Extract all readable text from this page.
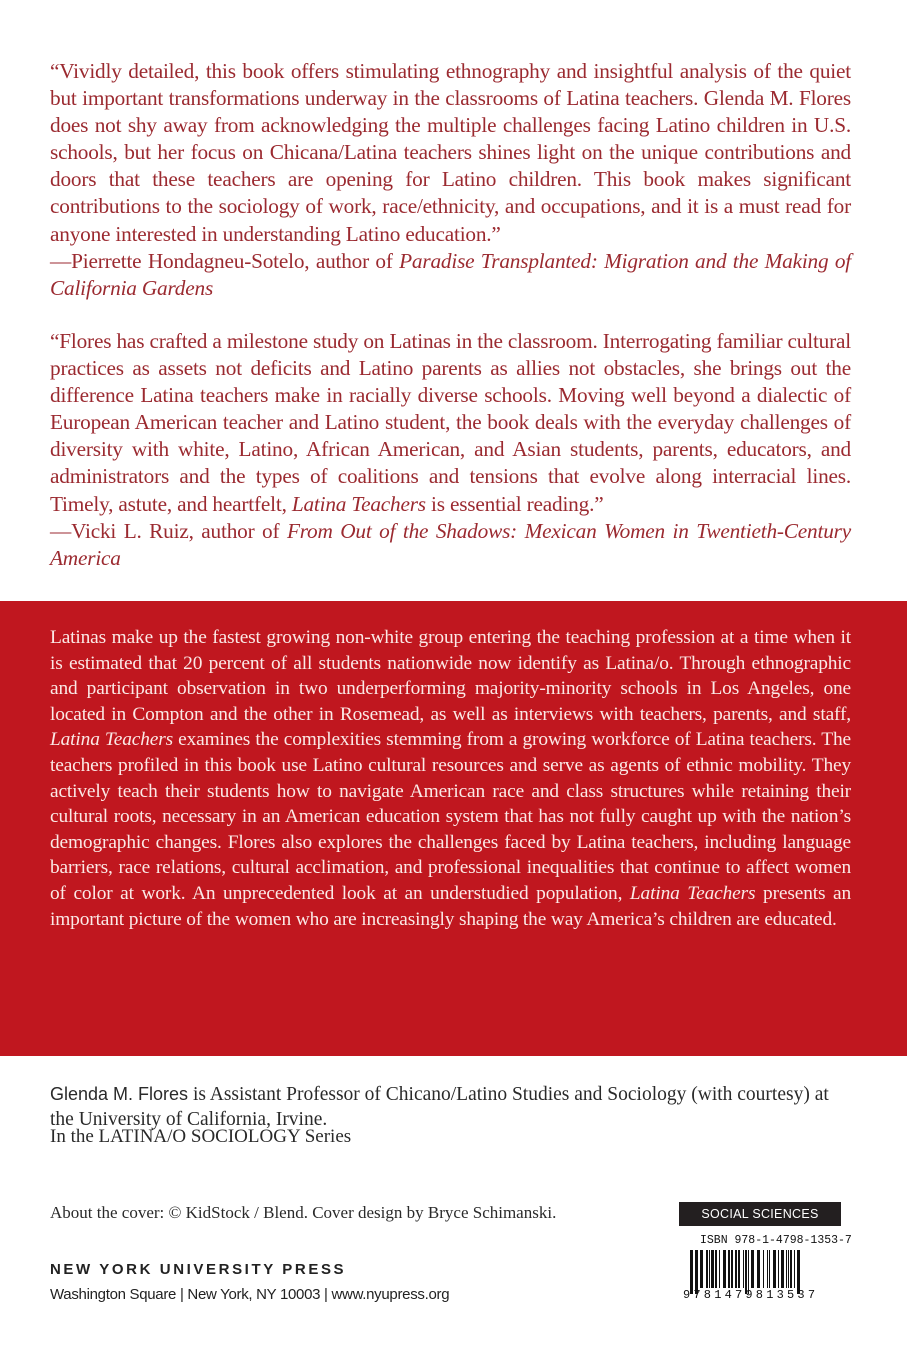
“Vividly detailed, this book offers stimulating ethnography and insightful analysis of the quiet but important transformations underway in the classrooms of Latina teachers. Glenda M. Flores does not shy away from acknowledging the multiple challenges facing Latino children in U.S. schools, but her focus on Chicana/Latina teachers shines light on the unique contributions and doors that these teachers are opening for Latino children. This book makes significant contributions to the sociology of work, race/ethnicity, and occupations, and it is a must read for anyone interested in understanding Latino education.”
—Pierrette Hondagneu-Sotelo, author of Paradise Transplanted: Migration and the Making of California Gardens
“Flores has crafted a milestone study on Latinas in the classroom. Interrogating familiar cultural practices as assets not deficits and Latino parents as allies not obstacles, she brings out the difference Latina teachers make in racially diverse schools. Moving well beyond a dialectic of European American teacher and Latino student, the book deals with the everyday challenges of diversity with white, Latino, African American, and Asian students, parents, educators, and administrators and the types of coalitions and tensions that evolve along interracial lines. Timely, astute, and heartfelt, Latina Teachers is essential reading.”
—Vicki L. Ruiz, author of From Out of the Shadows: Mexican Women in Twentieth-Century America

Latinas make up the fastest growing non-white group entering the teaching profession at a time when it is estimated that 20 percent of all students nationwide now identify as Latina/o. Through ethnographic and participant observation in two underperforming majority-minority schools in Los Angeles, one located in Compton and the other in Rosemead, as well as interviews with teachers, parents, and staff, Latina Teachers examines the complexities stemming from a growing workforce of Latina teachers. The teachers profiled in this book use Latino cultural resources and serve as agents of ethnic mobility. They actively teach their students how to navigate American race and class structures while retaining their cultural roots, necessary in an American education system that has not fully caught up with the nation’s demographic changes. Flores also explores the challenges faced by Latina teachers, including language barriers, race relations, cultural acclimation, and professional inequalities that continue to affect women of color at work. An unprecedented look at an understudied population, Latina Teachers presents an important picture of the women who are increasingly shaping the way America’s children are educated.

Glenda M. Flores is Assistant Professor of Chicano/Latino Studies and Sociology (with courtesy) at the University of California, Irvine.
In the LATINA/O SOCIOLOGY Series
About the cover: © KidStock / Blend. Cover design by Bryce Schimanski.
NEW YORK UNIVERSITY PRESS
Washington Square | New York, NY 10003 | www.nyupress.org
SOCIAL SCIENCES
ISBN 978-1-4798-1353-7
9781479813537
